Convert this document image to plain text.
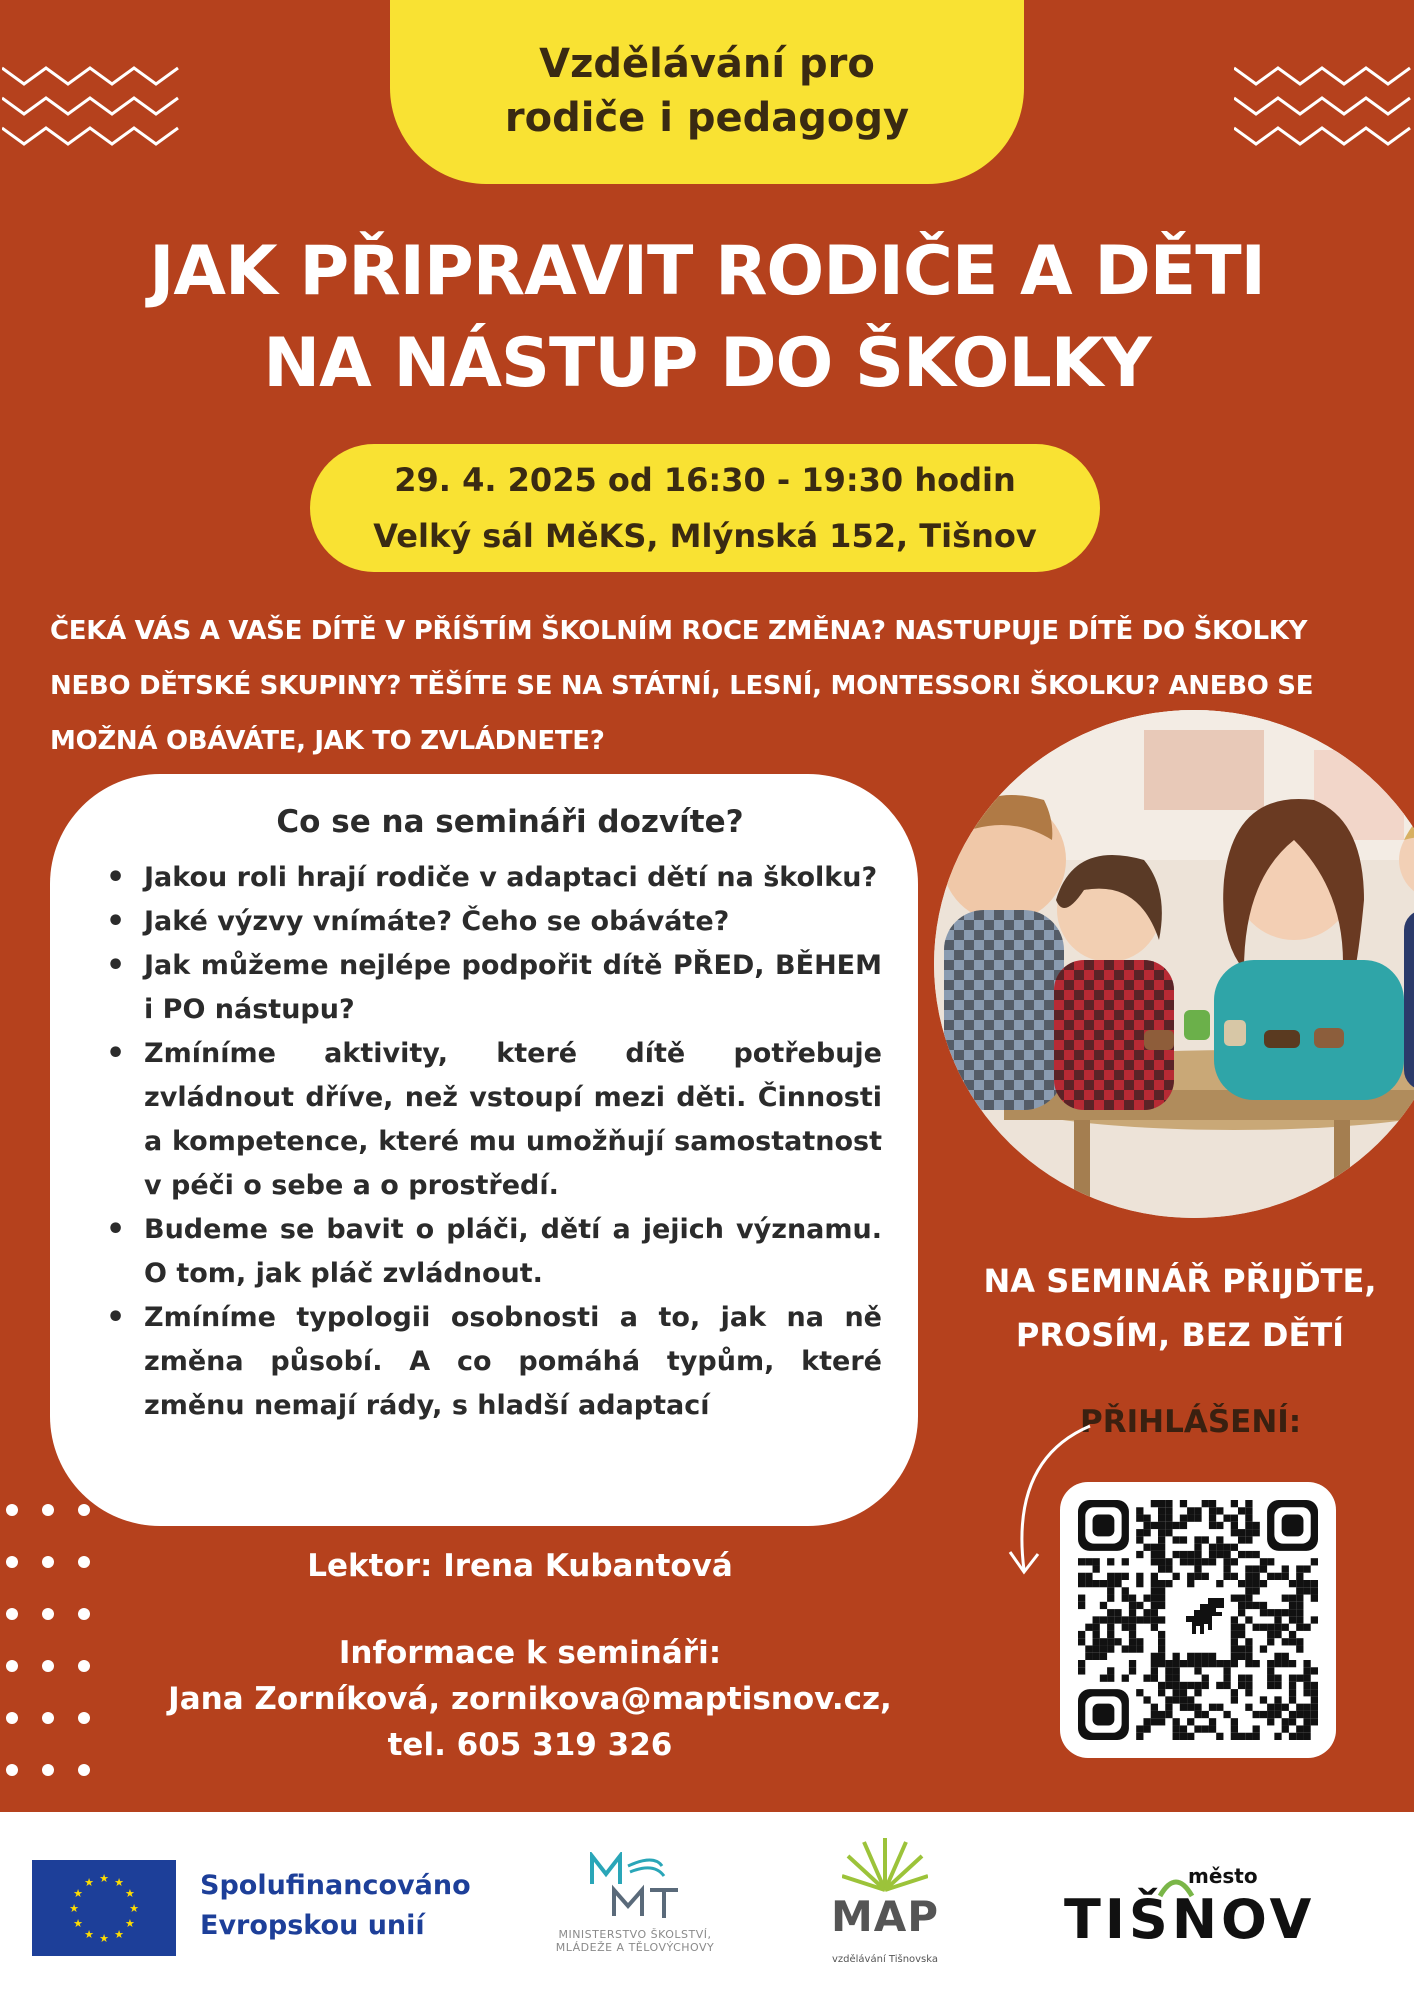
Vzdělávání pro
rodiče i pedagogy
JAK PŘIPRAVIT RODIČE A DĚTI
NA NÁSTUP DO ŠKOLKY
29. 4. 2025 od 16:30 - 19:30 hodin
Velký sál MěKS, Mlýnská 152, Tišnov
ČEKÁ VÁS A VAŠE DÍTĚ V PŘÍŠTÍM ŠKOLNÍM ROCE ZMĚNA? NASTUPUJE DÍTĚ DO ŠKOLKY
NEBO DĚTSKÉ SKUPINY? TĚŠÍTE SE NA STÁTNÍ, LESNÍ, MONTESSORI ŠKOLKU? ANEBO SE
MOŽNÁ OBÁVÁTE, JAK TO ZVLÁDNETE?
Co se na semináři dozvíte?
• Jakou roli hrají rodiče v adaptaci dětí na školku?
• Jaké výzvy vnímáte? Čeho se obáváte?
• Jak můžeme nejlépe podpořit dítě PŘED, BĚHEM i PO nástupu?
• Zmíníme aktivity, které dítě potřebuje zvládnout dříve, než vstoupí mezi děti. Činnosti a kompetence, které mu umožňují samostatnost v péči o sebe a o prostředí.
• Budeme se bavit o pláči, dětí a jejich významu. O tom, jak pláč zvládnout.
• Zmíníme typologii osobnosti a to, jak na ně změna působí. A co pomáhá typům, které změnu nemají rády, s hladší adaptací
NA SEMINÁŘ PŘIJĎTE,
PROSÍM, BEZ DĚTÍ
PŘIHLÁŠENÍ:
Lektor: Irena Kubantová
Informace k semináři:
Jana Zorníková, zornikova@maptisnov.cz,
tel. 605 319 326
★
★
★
★
★
★
★
★
★ ★ ★
★ Spolufinancováno
Evropskou unií	MINISTERSTVO ŠKOLSTVÍ,
MLÁDEŽE A TĚLOVÝCHOVY
MAP
vzdělávání Tišnovska
město
TIŠNOV
